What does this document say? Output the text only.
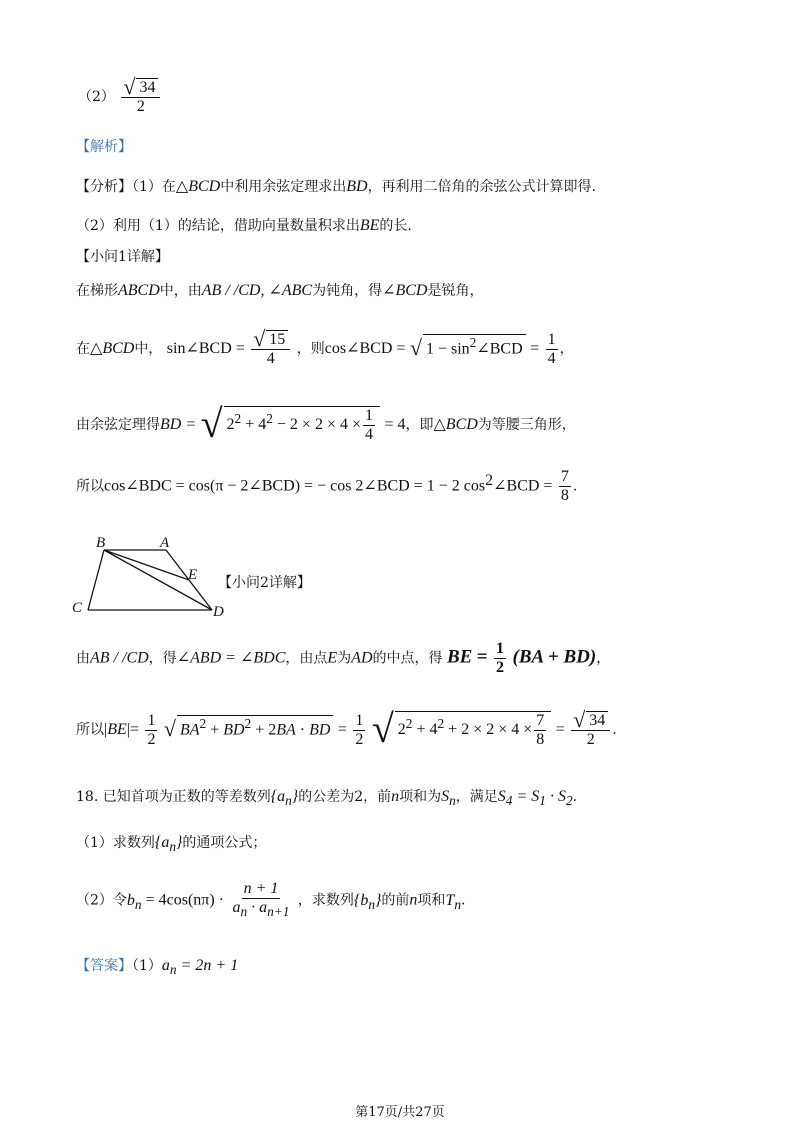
$(2) \frac{√ 34}{2}$
【解析】
【分析】（1）在△BCD中利用余弦定理求出BD，再利用二倍角的余弦公式计算即得.
（2）利用（1）的结论，借助向量数量积求出BE的长.
【小问1详解】
在梯形ABCD中，由AB / /CD, ∠ABC为钝角，得∠BCD是锐角，
在△BCD中， sin∠BCD = $\frac{√ 15}{4}$ ，则cos∠BCD = √ $1 - \sin^2\angle BCD = \frac{1}{4}$ ，
由余弦定理得BD = √ $2^2 + 4^2 - 2 \times 2 \times 4 \times \frac{1}{4} = 4$，即△BCD为等腰三角形，
所以cos∠BDC = cos(π − 2∠BCD) = − cos 2∠BCD = 1 − 2 $\cos^2\angle BCD = \frac{7}{8}$ .
B	A
E
C	D
【小问2详解】
由AB / /CD，得∠ABD = ∠BDC，由点E为AD的中点，得 BE = $\frac{1}{2} (BA + BD)$，
所以$|BE|= \frac{1}{2}$ √ $BA^2 + BD^2 + 2BA$ · BD = $\frac{1}{2}$ √ $2^2 + 4^2 + 2 \times 2 \times 4 \times \frac{7}{8} = \frac{√ 34}{2}$ .
18. 已知首项为正数的等差数列$\{a_n\}$的公差为2，前n项和为$S_n$，满足$S_4 = S_1 \cdot S_2$.
（1）求数列$\{a_n\}$的通项公式；
（2）令$b_n = 4\cos(n\pi) \cdot \frac{n + 1}{a_n \cdot a_{n+1}}$ ，求数列$\{b_n\}$的前n项和$T_n$.
【答案】$(1)a_n = 2n + 1$
第17页/共27页
